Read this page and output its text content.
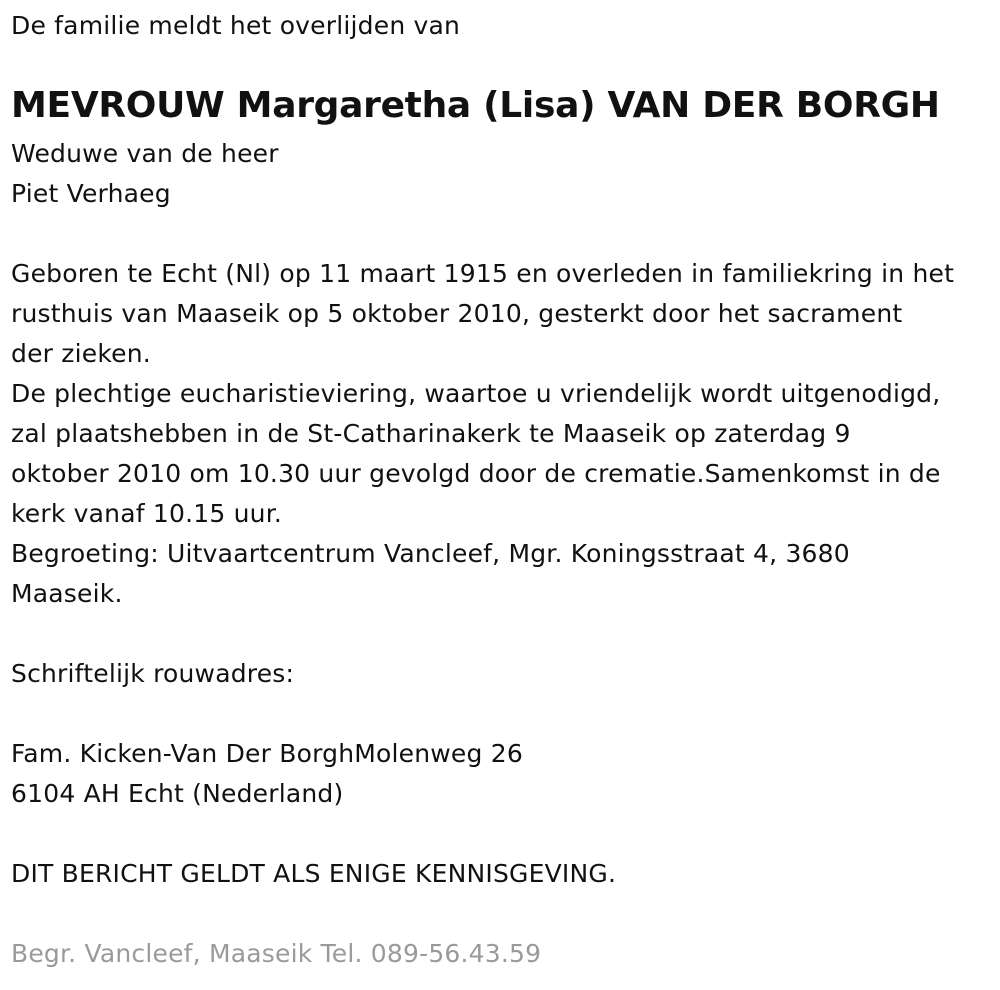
De familie meldt het overlijden van
MEVROUW Margaretha (Lisa) VAN DER BORGH
Weduwe van de heer
Piet Verhaeg
Geboren te Echt (Nl) op 11 maart 1915 en overleden in familiekring in het
rusthuis van Maaseik op 5 oktober 2010, gesterkt door het sacrament
der zieken.
De plechtige eucharistieviering, waartoe u vriendelijk wordt uitgenodigd,
zal plaatshebben in de St-Catharinakerk te Maaseik op zaterdag 9
oktober 2010 om 10.30 uur gevolgd door de crematie.Samenkomst in de
kerk vanaf 10.15 uur.
Begroeting: Uitvaartcentrum Vancleef, Mgr. Koningsstraat 4, 3680
Maaseik.
Schriftelijk rouwadres:
Fam. Kicken-Van Der BorghMolenweg 26
6104 AH Echt (Nederland)
DIT BERICHT GELDT ALS ENIGE KENNISGEVING.
Begr. Vancleef, Maaseik Tel. 089-56.43.59
